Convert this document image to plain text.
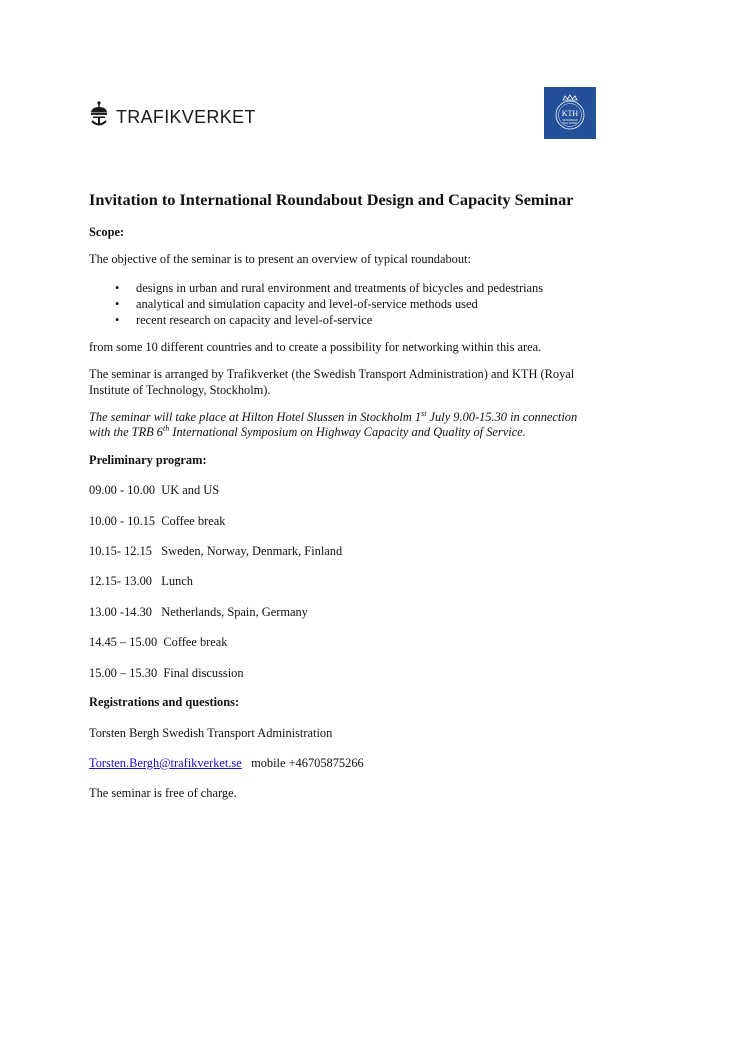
TRAFIKVERKET	KTH
VETENSKAP
OCH KONST
Invitation to International Roundabout Design and Capacity Seminar

Scope:

The objective of the seminar is to present an overview of typical roundabout:

• designs in urban and rural environment and treatments of bicycles and pedestrians
• analytical and simulation capacity and level-of-service methods used
• recent research on capacity and level-of-service

from some 10 different countries and to create a possibility for networking within this area.

The seminar is arranged by Trafikverket (the Swedish Transport Administration) and KTH (Royal
Institute of Technology, Stockholm).

The seminar will take place at Hilton Hotel Slussen in Stockholm 1st July 9.00-15.30 in connection
with the TRB 6th International Symposium on Highway Capacity and Quality of Service.

Preliminary program:

09.00 - 10.00 UK and US

10.00 - 10.15 Coffee break

10.15- 12.15 Sweden, Norway, Denmark, Finland

12.15- 13.00 Lunch

13.00 -14.30 Netherlands, Spain, Germany

14.45 – 15.00 Coffee break

15.00 – 15.30 Final discussion

Registrations and questions:

Torsten Bergh Swedish Transport Administration

Torsten.Bergh@trafikverket.se mobile +46705875266

The seminar is free of charge.
